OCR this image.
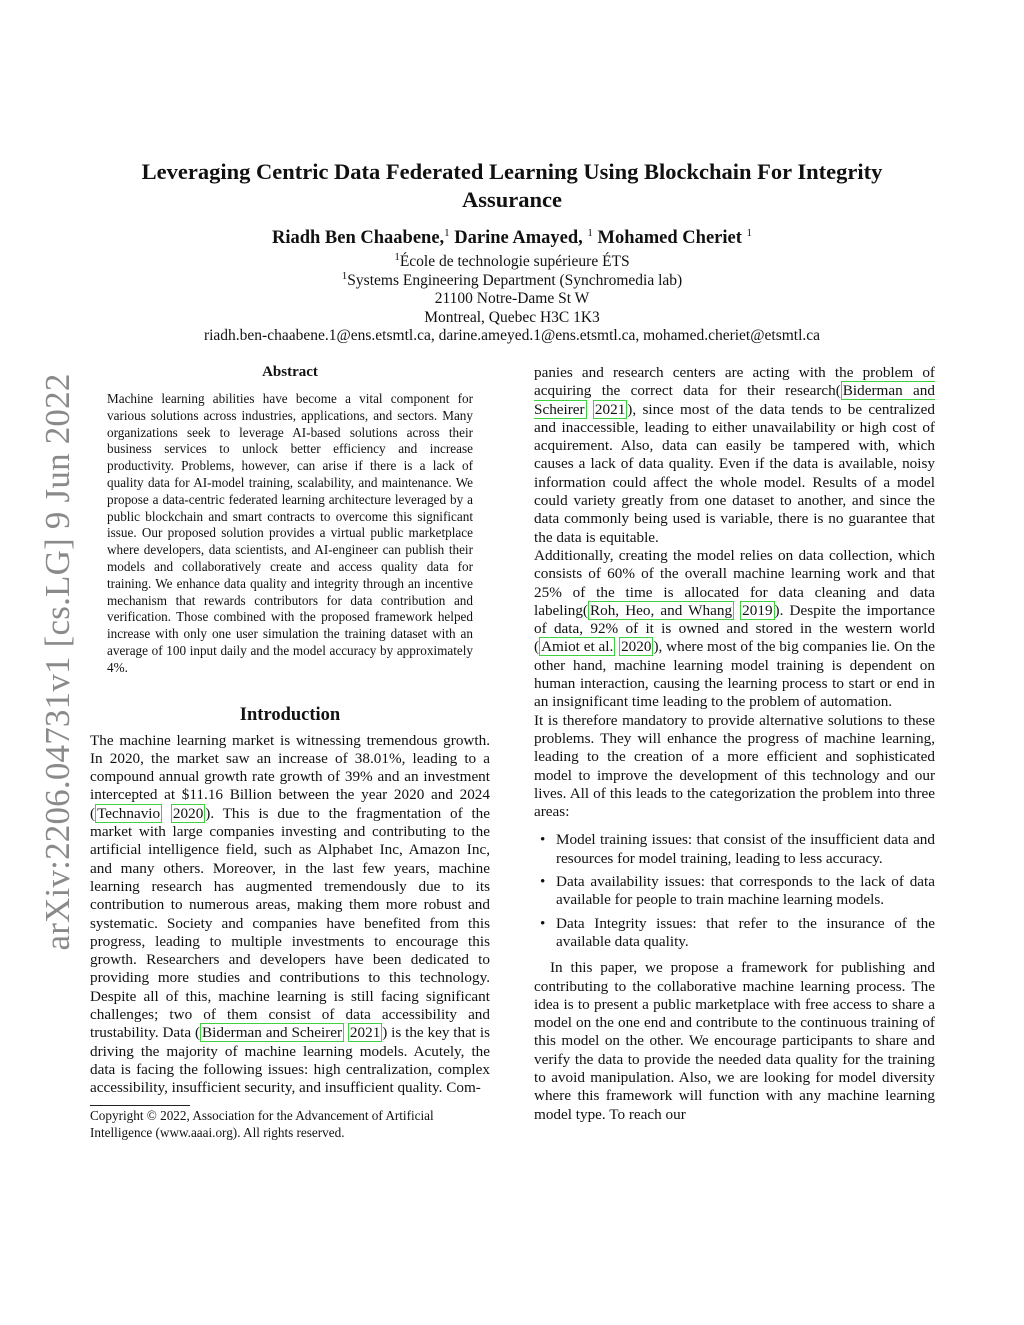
arXiv:2206.04731v1 [cs.LG] 9 Jun 2022
Leveraging Centric Data Federated Learning Using Blockchain For Integrity Assurance
Riadh Ben Chaabene,$^1$ Darine Amayed, $^1$ Mohamed Cheriet $^1$
$^1$École de technologie supérieure ÉTS
$^1$Systems Engineering Department (Synchromedia lab)
21100 Notre-Dame St W
Montreal, Quebec H3C 1K3
riadh.ben-chaabene.1@ens.etsmtl.ca, darine.ameyed.1@ens.etsmtl.ca, mohamed.cheriet@etsmtl.ca
Abstract
Machine learning abilities have become a vital component for various solutions across industries, applications, and sectors. Many organizations seek to leverage AI-based solutions across their business services to unlock better efficiency and increase productivity. Problems, however, can arise if there is a lack of quality data for AI-model training, scalability, and maintenance. We propose a data-centric federated learning architecture leveraged by a public blockchain and smart contracts to overcome this significant issue. Our proposed solution provides a virtual public marketplace where developers, data scientists, and AI-engineer can publish their models and collaboratively create and access quality data for training. We enhance data quality and integrity through an incentive mechanism that rewards contributors for data contribution and verification. Those combined with the proposed framework helped increase with only one user simulation the training dataset with an average of 100 input daily and the model accuracy by approximately 4%.
Introduction

The machine learning market is witnessing tremendous growth. In 2020, the market saw an increase of 38.01%, leading to a compound annual growth rate growth of 39% and an investment intercepted at $11.16 Billion between the year 2020 and 2024 ( Technavio 2020 ). This is due to the fragmentation of the market with large companies investing and contributing to the artificial intelligence field, such as Alphabet Inc, Amazon Inc, and many others. Moreover, in the last few years, machine learning research has augmented tremendously due to its contribution to numerous areas, making them more robust and systematic. Society and companies have benefited from this progress, leading to multiple investments to encourage this growth. Researchers and developers have been dedicated to providing more studies and contributions to this technology. Despite all of this, machine learning is still facing significant challenges; two of them consist of data accessibility and trustability. Data ( Biderman and Scheirer 2021 ) is the key that is driving the majority of machine learning models. Acutely, the data is facing the following issues: high centralization, complex accessibility, insufficient security, and insufficient quality. Com-

Copyright © 2022, Association for the Advancement of Artificial Intelligence (www.aaai.org). All rights reserved.

panies and research centers are acting with the problem of acquiring the correct data for their research( Biderman and Scheirer 2021 ), since most of the data tends to be centralized and inaccessible, leading to either unavailability or high cost of acquirement. Also, data can easily be tampered with, which causes a lack of data quality. Even if the data is available, noisy information could affect the whole model. Results of a model could variety greatly from one dataset to another, and since the data commonly being used is variable, there is no guarantee that the data is equitable.

Additionally, creating the model relies on data collection, which consists of 60% of the overall machine learning work and that 25% of the time is allocated for data cleaning and data labeling( Roh, Heo, and Whang 2019 ). Despite the importance of data, 92% of it is owned and stored in the western world ( Amiot et al. 2020 ), where most of the big companies lie. On the other hand, machine learning model training is dependent on human interaction, causing the learning process to start or end in an insignificant time leading to the problem of automation.

It is therefore mandatory to provide alternative solutions to these problems. They will enhance the progress of machine learning, leading to the creation of a more efficient and sophisticated model to improve the development of this technology and our lives. All of this leads to the categorization the problem into three areas:

• Model training issues: that consist of the insufficient data and resources for model training, leading to less accuracy.
• Data availability issues: that corresponds to the lack of data available for people to train machine learning models.
• Data Integrity issues: that refer to the insurance of the available data quality.

In this paper, we propose a framework for publishing and contributing to the collaborative machine learning process. The idea is to present a public marketplace with free access to share a model on the one end and contribute to the continuous training of this model on the other. We encourage participants to share and verify the data to provide the needed data quality for the training to avoid manipulation. Also, we are looking for model diversity where this framework will function with any machine learning model type. To reach our
